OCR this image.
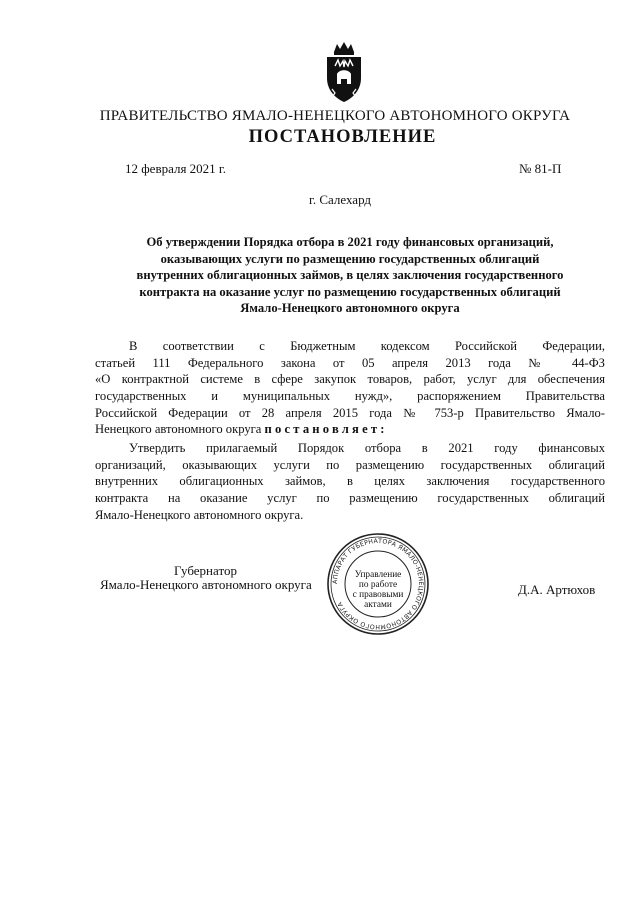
ПРАВИТЕЛЬСТВО ЯМАЛО-НЕНЕЦКОГО АВТОНОМНОГО ОКРУГА
ПОСТАНОВЛЕНИЕ
12 февраля 2021 г.	№ 81-П
г. Салехард
Об утверждении Порядка отбора в 2021 году финансовых организаций,
оказывающих услуги по размещению государственных облигаций
внутренних облигационных займов, в целях заключения государственного
контракта на оказание услуг по размещению государственных облигаций
Ямало-Ненецкого автономного округа
В соответствии с Бюджетным кодексом Российской Федерации,
статьей 111 Федерального закона от 05 апреля 2013 года № 44-ФЗ
«О контрактной системе в сфере закупок товаров, работ, услуг для обеспечения
государственных и муниципальных нужд», распоряжением Правительства
Российской Федерации от 28 апреля 2015 года № 753-р Правительство Ямало-
Ненецкого автономного округа постановляет:
Утвердить прилагаемый Порядок отбора в 2021 году финансовых
организаций, оказывающих услуги по размещению государственных облигаций
внутренних облигационных займов, в целях заключения государственного
контракта на оказание услуг по размещению государственных облигаций
Ямало-Ненецкого автономного округа.
Губернатор
Ямало-Ненецкого автономного округа	Д.А. Артюхов
АППАРАТ ГУБЕРНАТОРА ЯМАЛО-НЕНЕЦКОГО АВТОНОМНОГО ОКРУГА
Управление
по работе
с правовыми
актами
